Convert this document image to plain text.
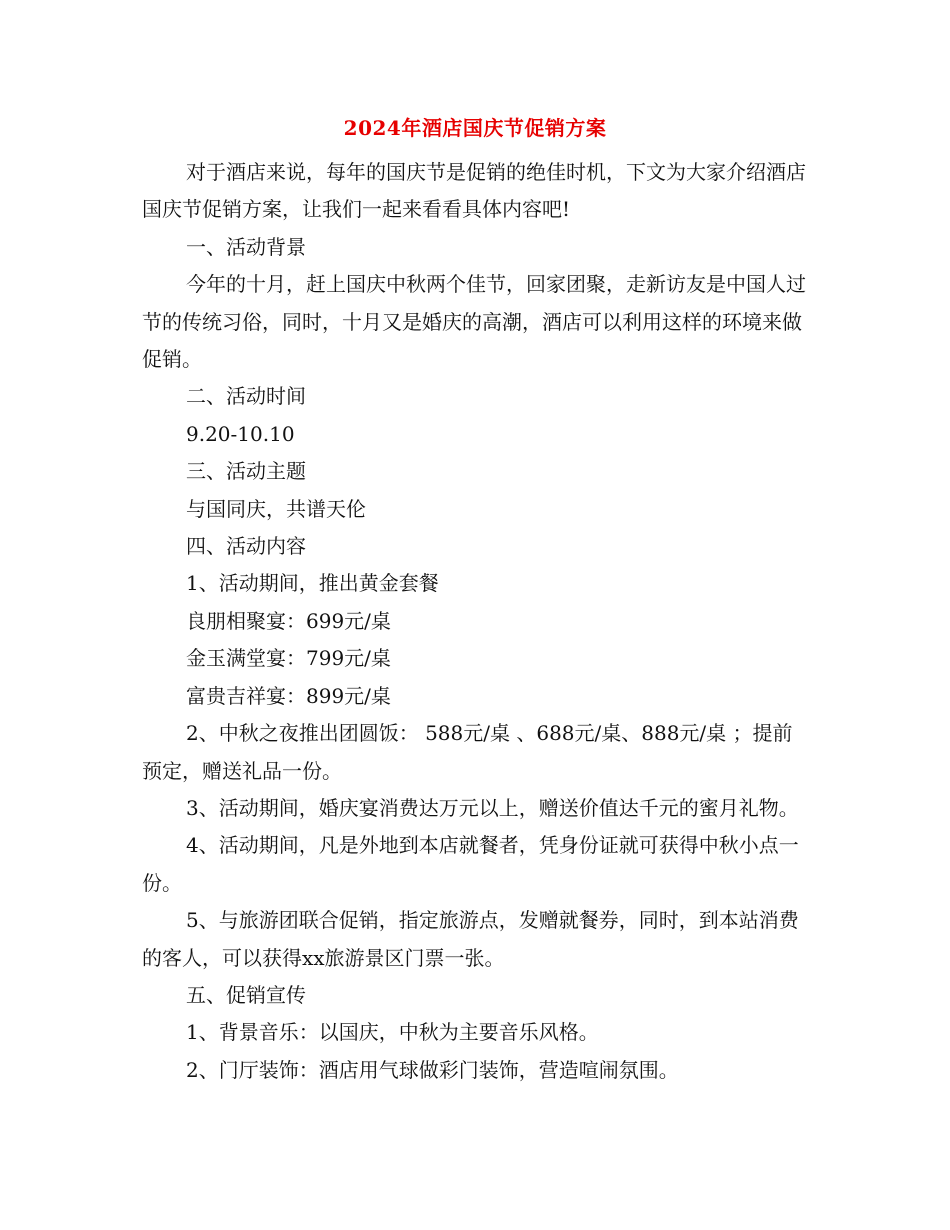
2024年酒店国庆节促销方案

对于酒店来说，每年的国庆节是促销的绝佳时机，下文为大家介绍酒店国庆节促销方案，让我们一起来看看具体内容吧!

一、活动背景

今年的十月，赶上国庆中秋两个佳节，回家团聚，走新访友是中国人过节的传统习俗，同时，十月又是婚庆的高潮，酒店可以利用这样的环境来做促销。

二、活动时间

9.20-10.10

三、活动主题

与国同庆，共谱天伦

四、活动内容

1、活动期间，推出黄金套餐

良朋相聚宴：699元/桌

金玉满堂宴：799元/桌

富贵吉祥宴：899元/桌

2、中秋之夜推出团圆饭： 588元/桌 、688元/桌、888元/桌 ；提前预定，赠送礼品一份。

3、活动期间，婚庆宴消费达万元以上，赠送价值达千元的蜜月礼物。

4、活动期间，凡是外地到本店就餐者，凭身份证就可获得中秋小点一份。

5、与旅游团联合促销，指定旅游点，发赠就餐券，同时，到本站消费的客人，可以获得xx旅游景区门票一张。

五、促销宣传

1、背景音乐：以国庆，中秋为主要音乐风格。

2、门厅装饰：酒店用气球做彩门装饰，营造喧闹氛围。
